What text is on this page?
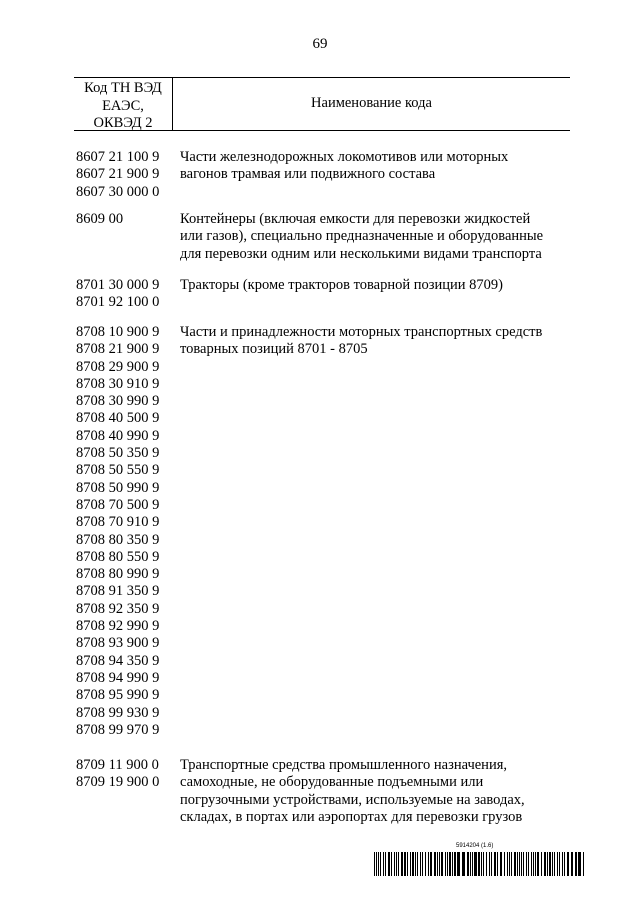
69
Код ТН ВЭД
ЕАЭС,
ОКВЭД 2
Наименование кода
8607 21 100 9
8607 21 900 9
8607 30 000 0
Части железнодорожных локомотивов или моторных
вагонов трамвая или подвижного состава
8609 00	Контейнеры (включая емкости для перевозки жидкостей
или газов), специально предназначенные и оборудованные
для перевозки одним или несколькими видами транспорта
8701 30 000 9
8701 92 100 0
Тракторы (кроме тракторов товарной позиции 8709)
8708 10 900 9
8708 21 900 9
8708 29 900 9
8708 30 910 9
8708 30 990 9
8708 40 500 9
8708 40 990 9
8708 50 350 9
8708 50 550 9
8708 50 990 9
8708 70 500 9
8708 70 910 9
8708 80 350 9
8708 80 550 9
8708 80 990 9
8708 91 350 9
8708 92 350 9
8708 92 990 9
8708 93 900 9
8708 94 350 9
8708 94 990 9
8708 95 990 9
8708 99 930 9
8708 99 970 9
Части и принадлежности моторных транспортных средств
товарных позиций 8701 - 8705
8709 11 900 0
8709 19 900 0
Транспортные средства промышленного назначения,
самоходные, не оборудованные подъемными или
погрузочными устройствами, используемые на заводах,
складах, в портах или аэропортах для перевозки грузов
5914204 (1.6)
